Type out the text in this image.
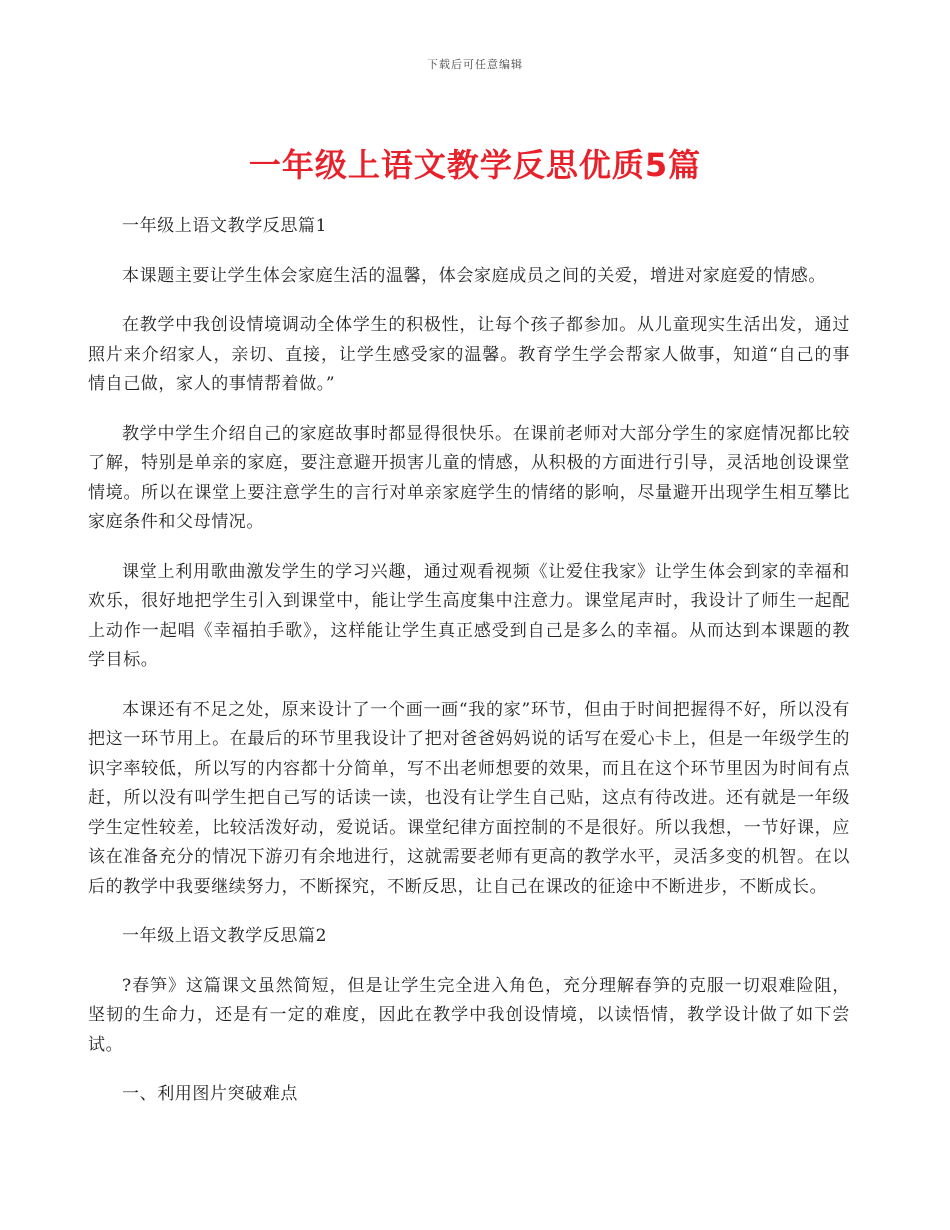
下载后可任意编辑
一年级上语文教学反思优质5篇

一年级上语文教学反思篇1

本课题主要让学生体会家庭生活的温馨，体会家庭成员之间的关爱，增进对家庭爱的情感。

在教学中我创设情境调动全体学生的积极性，让每个孩子都参加。从儿童现实生活出发，通过照片来介绍家人，亲切、直接，让学生感受家的温馨。教育学生学会帮家人做事，知道“自己的事情自己做，家人的事情帮着做。”

教学中学生介绍自己的家庭故事时都显得很快乐。在课前老师对大部分学生的家庭情况都比较了解，特别是单亲的家庭，要注意避开损害儿童的情感，从积极的方面进行引导，灵活地创设课堂情境。所以在课堂上要注意学生的言行对单亲家庭学生的情绪的影响，尽量避开出现学生相互攀比家庭条件和父母情况。

课堂上利用歌曲激发学生的学习兴趣，通过观看视频《让爱住我家》让学生体会到家的幸福和欢乐，很好地把学生引入到课堂中，能让学生高度集中注意力。课堂尾声时，我设计了师生一起配上动作一起唱《幸福拍手歌》，这样能让学生真正感受到自己是多么的幸福。从而达到本课题的教学目标。

本课还有不足之处，原来设计了一个画一画“我的家”环节，但由于时间把握得不好，所以没有把这一环节用上。在最后的环节里我设计了把对爸爸妈妈说的话写在爱心卡上，但是一年级学生的识字率较低，所以写的内容都十分简单，写不出老师想要的效果，而且在这个环节里因为时间有点赶，所以没有叫学生把自己写的话读一读，也没有让学生自己贴，这点有待改进。还有就是一年级学生定性较差，比较活泼好动，爱说话。课堂纪律方面控制的不是很好。所以我想，一节好课，应该在准备充分的情况下游刃有余地进行，这就需要老师有更高的教学水平，灵活多变的机智。在以后的教学中我要继续努力，不断探究，不断反思，让自己在课改的征途中不断进步，不断成长。

一年级上语文教学反思篇2

?春笋》这篇课文虽然简短，但是让学生完全进入角色，充分理解春笋的克服一切艰难险阻，坚韧的生命力，还是有一定的难度，因此在教学中我创设情境，以读悟情，教学设计做了如下尝试。

一、利用图片突破难点
